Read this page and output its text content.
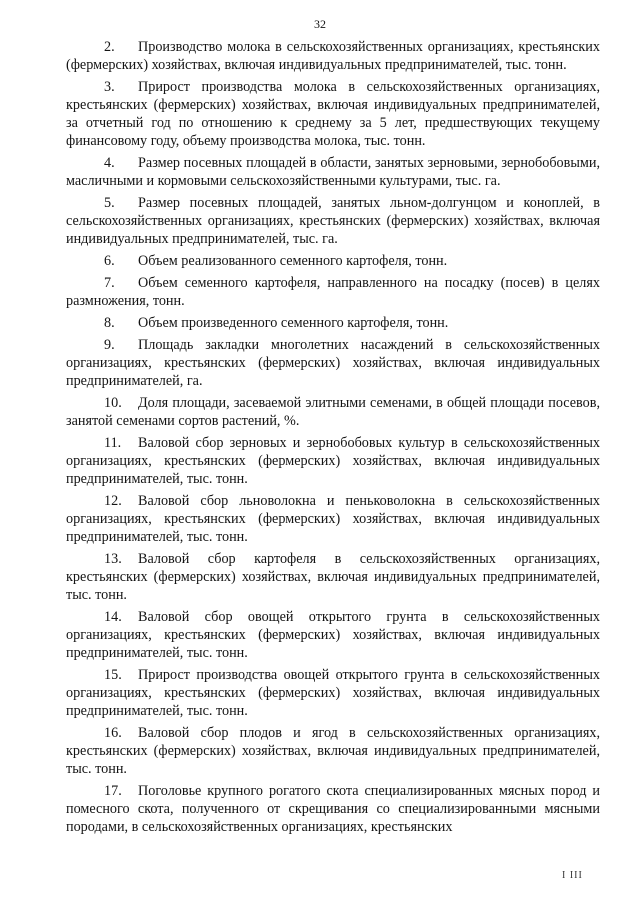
32

2. Производство молока в сельскохозяйственных организациях, крестьянских (фермерских) хозяйствах, включая индивидуальных предпринимателей, тыс. тонн.

3. Прирост производства молока в сельскохозяйственных организациях, крестьянских (фермерских) хозяйствах, включая индивидуальных предпринимателей, за отчетный год по отношению к среднему за 5 лет, предшествующих текущему финансовому году, объему производства молока, тыс. тонн.

4. Размер посевных площадей в области, занятых зерновыми, зернобобовыми, масличными и кормовыми сельскохозяйственными культурами, тыс. га.

5. Размер посевных площадей, занятых льном-долгунцом и коноплей, в сельскохозяйственных организациях, крестьянских (фермерских) хозяйствах, включая индивидуальных предпринимателей, тыс. га.

6. Объем реализованного семенного картофеля, тонн.

7. Объем семенного картофеля, направленного на посадку (посев) в целях размножения, тонн.

8. Объем произведенного семенного картофеля, тонн.

9. Площадь закладки многолетних насаждений в сельскохозяйственных организациях, крестьянских (фермерских) хозяйствах, включая индивидуальных предпринимателей, га.

10. Доля площади, засеваемой элитными семенами, в общей площади посевов, занятой семенами сортов растений, %.

11. Валовой сбор зерновых и зернобобовых культур в сельскохозяйственных организациях, крестьянских (фермерских) хозяйствах, включая индивидуальных предпринимателей, тыс. тонн.

12. Валовой сбор льноволокна и пеньковолокна в сельскохозяйственных организациях, крестьянских (фермерских) хозяйствах, включая индивидуальных предпринимателей, тыс. тонн.

13. Валовой сбор картофеля в сельскохозяйственных организациях, крестьянских (фермерских) хозяйствах, включая индивидуальных предпринимателей, тыс. тонн.

14. Валовой сбор овощей открытого грунта в сельскохозяйственных организациях, крестьянских (фермерских) хозяйствах, включая индивидуальных предпринимателей, тыс. тонн.

15. Прирост производства овощей открытого грунта в сельскохозяйственных организациях, крестьянских (фермерских) хозяйствах, включая индивидуальных предпринимателей, тыс. тонн.

16. Валовой сбор плодов и ягод в сельскохозяйственных организациях, крестьянских (фермерских) хозяйствах, включая индивидуальных предпринимателей, тыс. тонн.

17. Поголовье крупного рогатого скота специализированных мясных пород и помесного скота, полученного от скрещивания со специализированными мясными породами, в сельскохозяйственных организациях, крестьянских

I III
